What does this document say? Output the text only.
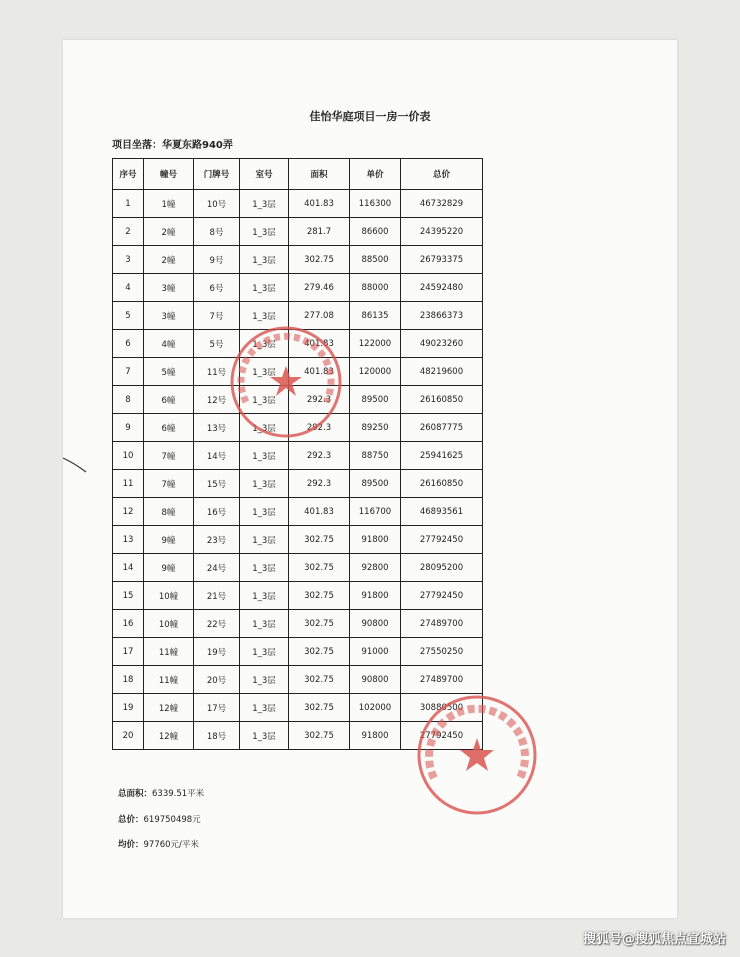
佳怡华庭项目一房一价表
项目坐落：华夏东路940弄
序号	幢号	门牌号	室号	面积	单价	总价
1	1幢	10号	1_3层	401.83	116300	46732829
2	2幢	8号	1_3层	281.7	86600	24395220
3	2幢	9号	1_3层	302.75	88500	26793375
4	3幢	6号	1_3层	279.46	88000	24592480
5	3幢	7号	1_3层	277.08	86135	23866373
6	4幢	5号	1_3层	401.83	122000	49023260
7	5幢	11号	1_3层	401.83	120000	48219600
8	6幢	12号	1_3层	292.3	89500	26160850
9	6幢	13号	1_3层	292.3	89250	26087775
10	7幢	14号	1_3层	292.3	88750	25941625
11	7幢	15号	1_3层	292.3	89500	26160850
12	8幢	16号	1_3层	401.83	116700	46893561
13	9幢	23号	1_3层	302.75	91800	27792450
14	9幢	24号	1_3层	302.75	92800	28095200
15	10幢	21号	1_3层	302.75	91800	27792450
16	10幢	22号	1_3层	302.75	90800	27489700
17	11幢	19号	1_3层	302.75	91000	27550250
18	11幢	20号	1_3层	302.75	90800	27489700
19	12幢	17号	1_3层	302.75	102000	30880500
20	12幢	18号	1_3层	302.75	91800	27792450
总面积：6339.51平米
总价：619750498元
均价：97760元/平米
搜狐号@搜狐焦点宣城站
